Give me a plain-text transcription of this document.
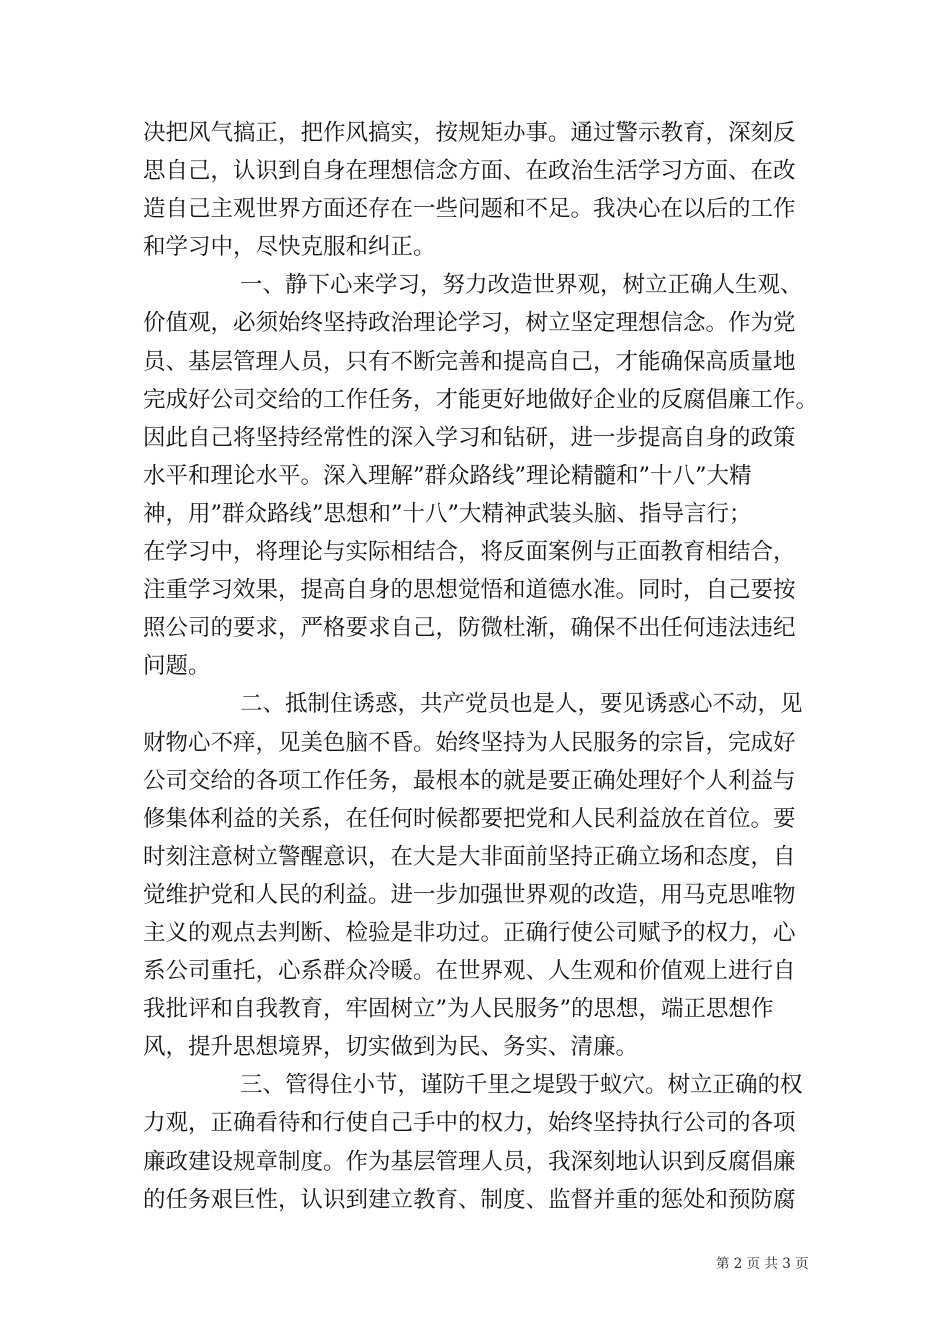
决把风气搞正，把作风搞实，按规矩办事。通过警示教育，深刻反
思自己，认识到自身在理想信念方面、在政治生活学习方面、在改
造自己主观世界方面还存在一些问题和不足。我决心在以后的工作
和学习中，尽快克服和纠正。
一、静下心来学习，努力改造世界观，树立正确人生观、
价值观，必须始终坚持政治理论学习，树立坚定理想信念。作为党
员、基层管理人员，只有不断完善和提高自己，才能确保高质量地
完成好公司交给的工作任务，才能更好地做好企业的反腐倡廉工作。
因此自己将坚持经常性的深入学习和钻研，进一步提高自身的政策
水平和理论水平。深入理解”群众路线”理论精髓和”十八”大精
神，用”群众路线”思想和”十八”大精神武装头脑、指导言行；
在学习中，将理论与实际相结合，将反面案例与正面教育相结合，
注重学习效果，提高自身的思想觉悟和道德水准。同时，自己要按
照公司的要求，严格要求自己，防微杜渐，确保不出任何违法违纪
问题。
二、抵制住诱惑，共产党员也是人，要见诱惑心不动，见
财物心不痒，见美色脑不昏。始终坚持为人民服务的宗旨，完成好
公司交给的各项工作任务，最根本的就是要正确处理好个人利益与
修集体利益的关系，在任何时候都要把党和人民利益放在首位。要
时刻注意树立警醒意识，在大是大非面前坚持正确立场和态度，自
觉维护党和人民的利益。进一步加强世界观的改造，用马克思唯物
主义的观点去判断、检验是非功过。正确行使公司赋予的权力，心
系公司重托，心系群众冷暖。在世界观、人生观和价值观上进行自
我批评和自我教育，牢固树立”为人民服务”的思想，端正思想作
风，提升思想境界，切实做到为民、务实、清廉。
三、管得住小节，谨防千里之堤毁于蚁穴。树立正确的权
力观，正确看待和行使自己手中的权力，始终坚持执行公司的各项
廉政建设规章制度。作为基层管理人员，我深刻地认识到反腐倡廉
的任务艰巨性，认识到建立教育、制度、监督并重的惩处和预防腐
第 2 页 共 3 页
